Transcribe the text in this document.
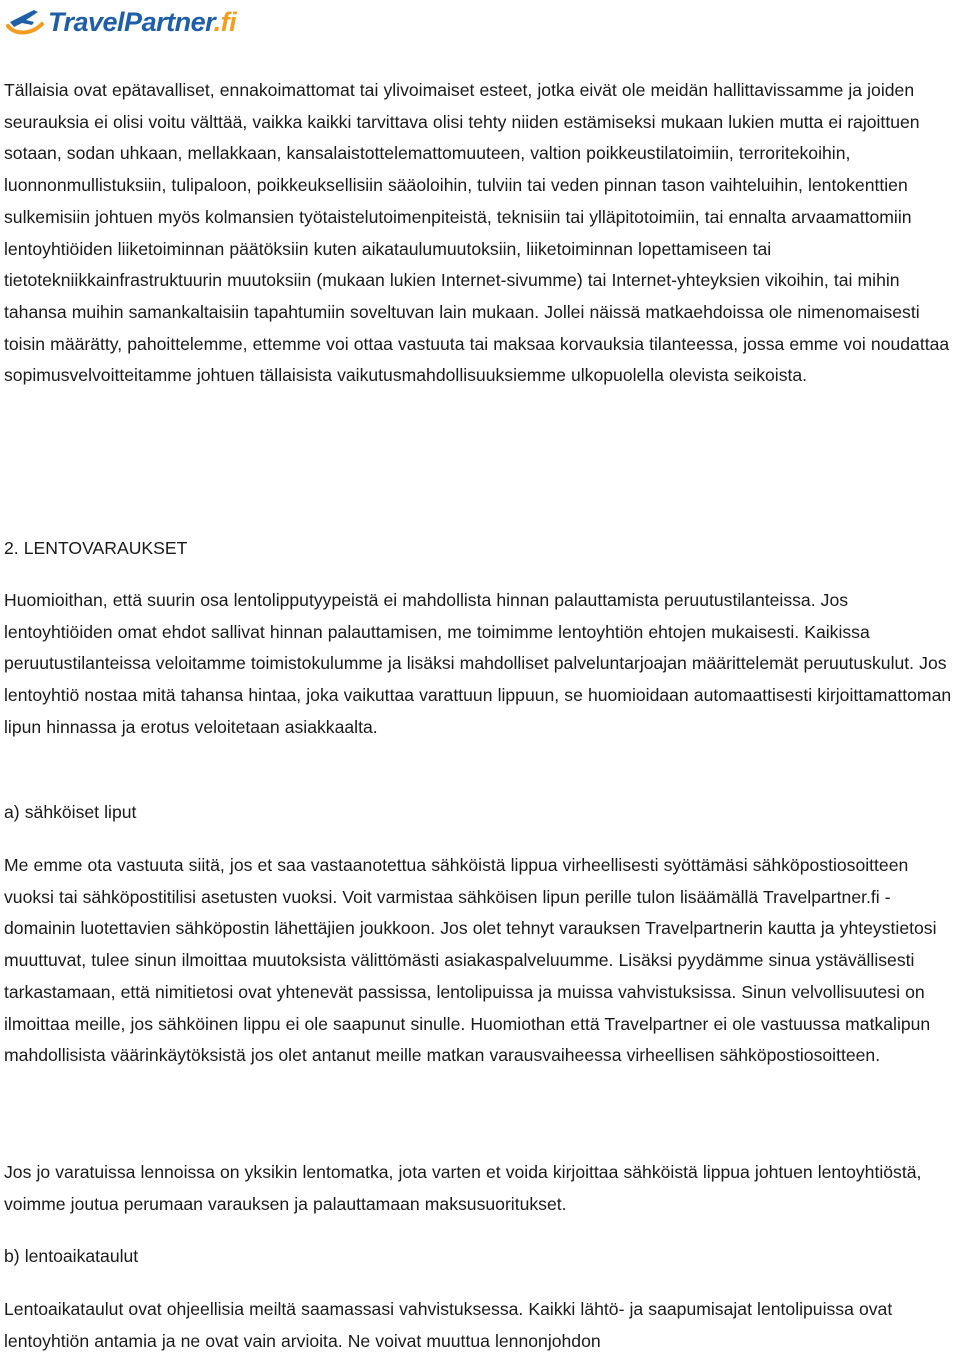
TravelPartner.fi

Tällaisia ovat epätavalliset, ennakoimattomat tai ylivoimaiset esteet, jotka eivät ole meidän hallittavissamme ja joiden seurauksia ei olisi voitu välttää, vaikka kaikki tarvittava olisi tehty niiden estämiseksi mukaan lukien mutta ei rajoittuen sotaan, sodan uhkaan, mellakkaan, kansalaistottelemattomuuteen, valtion poikkeustilatoimiin, terroritekoihin, luonnonmullistuksiin, tulipaloon, poikkeuksellisiin sääoloihin, tulviin tai veden pinnan tason vaihteluihin, lentokenttien sulkemisiin johtuen myös kolmansien työtaistelutoimenpiteistä, teknisiin tai ylläpitotoimiin, tai ennalta arvaamattomiin lentoyhtiöiden liiketoiminnan päätöksiin kuten aikataulumuutoksiin, liiketoiminnan lopettamiseen tai tietotekniikkainfrastruktuurin muutoksiin (mukaan lukien Internet-sivumme) tai Internet-yhteyksien vikoihin, tai mihin tahansa muihin samankaltaisiin tapahtumiin soveltuvan lain mukaan. Jollei näissä matkaehdoissa ole nimenomaisesti toisin määrätty, pahoittelemme, ettemme voi ottaa vastuuta tai maksaa korvauksia tilanteessa, jossa emme voi noudattaa sopimusvelvoitteitamme johtuen tällaisista vaikutusmahdollisuuksiemme ulkopuolella olevista seikoista.

2. LENTOVARAUKSET

Huomioithan, että suurin osa lentolipputyypeistä ei mahdollista hinnan palauttamista peruutustilanteissa. Jos lentoyhtiöiden omat ehdot sallivat hinnan palauttamisen, me toimimme lentoyhtiön ehtojen mukaisesti. Kaikissa peruutustilanteissa veloitamme toimistokulumme ja lisäksi mahdolliset palveluntarjoajan määrittelemät peruutuskulut. Jos lentoyhtiö nostaa mitä tahansa hintaa, joka vaikuttaa varattuun lippuun, se huomioidaan automaattisesti kirjoittamattoman lipun hinnassa ja erotus veloitetaan asiakkaalta.

a) sähköiset liput

Me emme ota vastuuta siitä, jos et saa vastaanotettua sähköistä lippua virheellisesti syöttämäsi sähköpostiosoitteen vuoksi tai sähköpostitilisi asetusten vuoksi. Voit varmistaa sähköisen lipun perille tulon lisäämällä Travelpartner.fi -domainin luotettavien sähköpostin lähettäjien joukkoon. Jos olet tehnyt varauksen Travelpartnerin kautta ja yhteystietosi muuttuvat, tulee sinun ilmoittaa muutoksista välittömästi asiakaspalveluumme. Lisäksi pyydämme sinua ystävällisesti tarkastamaan, että nimitietosi ovat yhtenevät passissa, lentolipuissa ja muissa vahvistuksissa. Sinun velvollisuutesi on ilmoittaa meille, jos sähköinen lippu ei ole saapunut sinulle. Huomiothan että Travelpartner ei ole vastuussa matkalipun mahdollisista väärinkäytöksistä jos olet antanut meille matkan varausvaiheessa virheellisen sähköpostiosoitteen.

Jos jo varatuissa lennoissa on yksikin lentomatka, jota varten et voida kirjoittaa sähköistä lippua johtuen lentoyhtiöstä, voimme joutua perumaan varauksen ja palauttamaan maksusuoritukset.

b) lentoaikataulut

Lentoaikataulut ovat ohjeellisia meiltä saamassasi vahvistuksessa. Kaikki lähtö- ja saapumisajat lentolipuissa ovat lentoyhtiön antamia ja ne ovat vain arvioita. Ne voivat muuttua lennonjohdon
